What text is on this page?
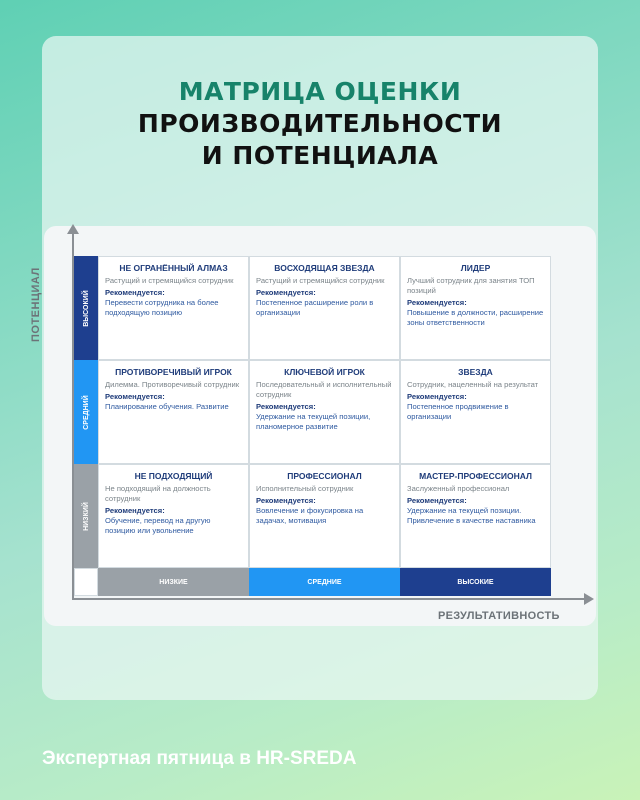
МАТРИЦА ОЦЕНКИ
ПРОИЗВОДИТЕЛЬНОСТИ
И ПОТЕНЦИАЛА
ПОТЕНЦИАЛ
РЕЗУЛЬТАТИВНОСТЬ
ВЫСОКИЙ
НЕ ОГРАНЁННЫЙ АЛМАЗ
Растущий и стремящийся сотрудник
Рекомендуется:
Перевести сотрудника на более подходящую позицию
ВОСХОДЯЩАЯ ЗВЕЗДА
Растущий и стремящийся сотрудник
Рекомендуется:
Постепенное расширение роли в организации
ЛИДЕР
Лучший сотрудник для занятия ТОП позиций
Рекомендуется:
Повышение в должности, расширение зоны ответственности
СРЕДНИЙ
ПРОТИВОРЕЧИВЫЙ ИГРОК
Дилемма. Противоречивый сотрудник
Рекомендуется:
Планирование обучения. Развитие
КЛЮЧЕВОЙ ИГРОК
Последовательный и исполнительный сотрудник
Рекомендуется:
Удержание на текущей позиции, планомерное развитие
ЗВЕЗДА
Сотрудник, нацеленный на результат
Рекомендуется:
Постепенное продвижение в организации
НИЗКИЙ
НЕ ПОДХОДЯЩИЙ
Не подходящий на должность сотрудник
Рекомендуется:
Обучение, перевод на другую позицию или увольнение
ПРОФЕССИОНАЛ
Исполнительный сотрудник
Рекомендуется:
Вовлечение и фокусировка на задачах, мотивация
МАСТЕР-ПРОФЕССИОНАЛ
Заслуженный профессионал
Рекомендуется:
Удержание на текущей позиции. Привлечение в качестве наставника
НИЗКИЕ	СРЕДНИЕ	ВЫСОКИЕ
Экспертная пятница в HR-SREDA
